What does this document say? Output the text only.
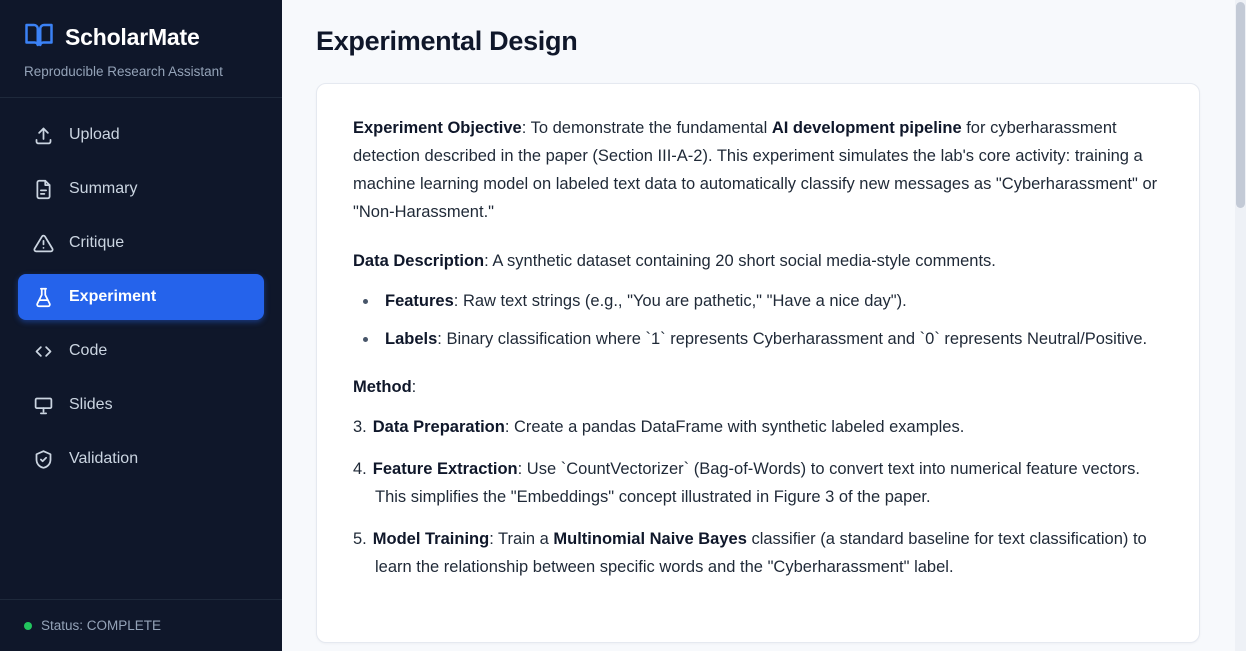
ScholarMate
Reproducible Research Assistant
Upload
Summary
Critique
Experiment
Code
Slides
Validation
Status: COMPLETE
Experimental Design

Experiment Objective: To demonstrate the fundamental AI development pipeline for cyberharassment detection described in the paper (Section III-A-2). This experiment simulates the lab's core activity: training a machine learning model on labeled text data to automatically classify new messages as "Cyberharassment" or "Non-Harassment."

Data Description: A synthetic dataset containing 20 short social media-style comments.

• Features: Raw text strings (e.g., "You are pathetic," "Have a nice day").
• Labels: Binary classification where `1` represents Cyberharassment and `0` represents Neutral/Positive.

Method:

3. Data Preparation: Create a pandas DataFrame with synthetic labeled examples.
4. Feature Extraction: Use `CountVectorizer` (Bag-of-Words) to convert text into numerical feature vectors. This simplifies the "Embeddings" concept illustrated in Figure 3 of the paper.
5. Model Training: Train a Multinomial Naive Bayes classifier (a standard baseline for text classification) to learn the relationship between specific words and the "Cyberharassment" label.
